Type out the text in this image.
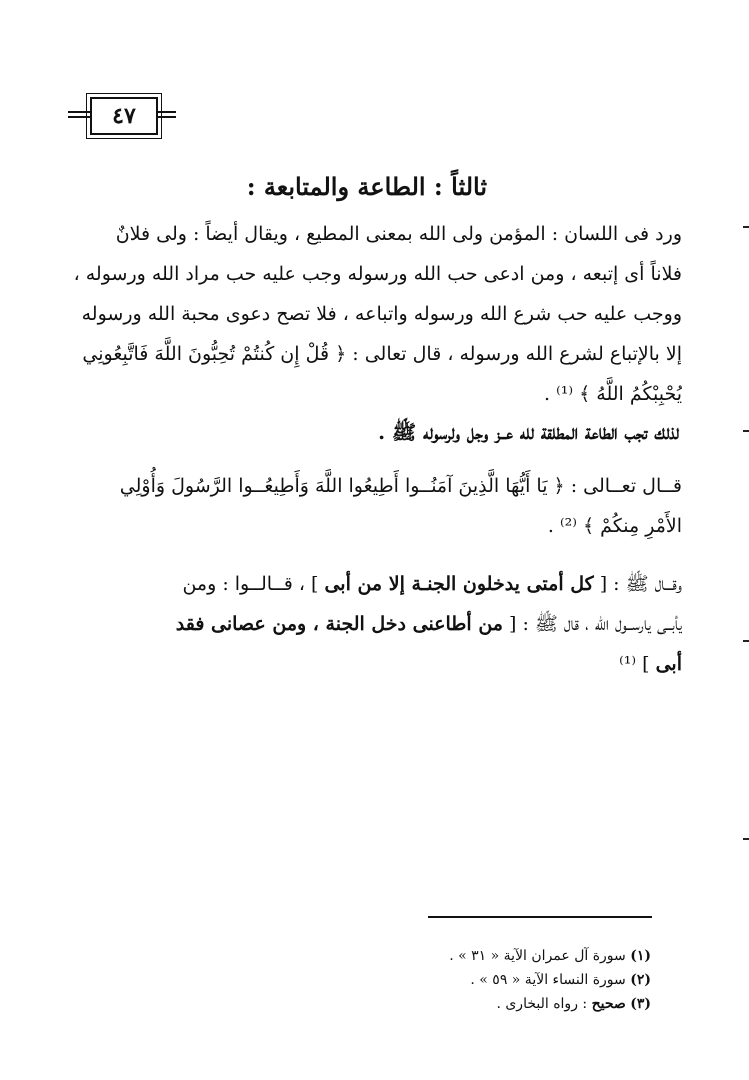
٤٧
ثالثاً : الطاعة والمتابعة :
ورد فى اللسان : المؤمن ولى الله بمعنى المطيع ، ويقال أيضاً : ولى فلانٌ
فلاناً أى إتبعه ، ومن ادعى حب الله ورسوله وجب عليه حب مراد الله ورسوله ،
ووجب عليه حب شرع الله ورسوله واتباعه ، فلا تصح دعوى محبة الله ورسوله
إلا بالإتباع لشرع الله ورسوله ، قال تعالى : ﴿ قُلْ إِن كُنتُمْ تُحِبُّونَ اللَّهَ فَاتَّبِعُونِي
يُحْبِبْكُمُ اللَّهُ ﴾ ⁽¹⁾ .
لذلك تجب الطاعة المطلقة لله عــز وجل ولرسوله ﷺ .
قــال تعــالى : ﴿ يَا أَيُّهَا الَّذِينَ آمَنُــوا أَطِيعُوا اللَّهَ وَأَطِيعُــوا الرَّسُولَ وَأُوْلِي
الأَمْرِ مِنكُمْ ﴾ ⁽²⁾ .
وقـــال ﷺ : [ كل أمتى يدخلون الجنـة إلا من أبى ] ، قــالــوا : ومن
يأبــى يارســول الله ، قال ﷺ : [ من أطاعنى دخل الجنة ، ومن عصانى فقد
أبى ] ⁽¹⁾
(١) سورة آل عمران الآية « ٣١ » .
(٢) سورة النساء الآية « ٥٩ » .
(٣) صحيح : رواه البخارى .
